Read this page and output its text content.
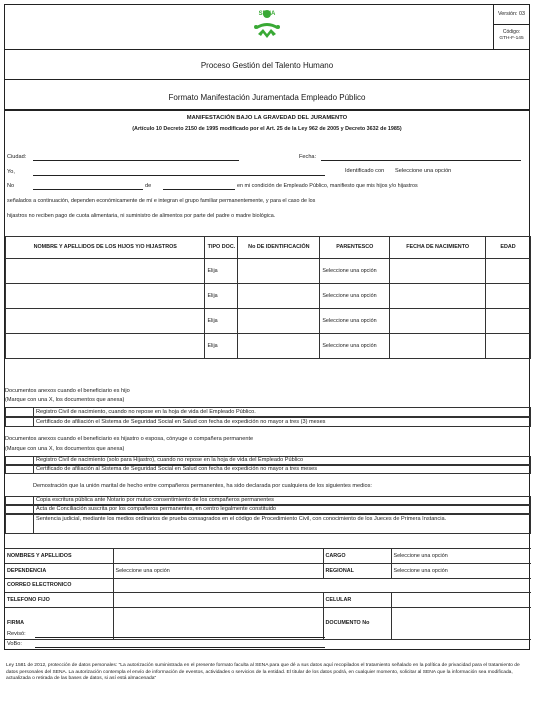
SENA	Versión: 03
Código:
GTH-F-145
Proceso Gestión del Talento Humano
Formato Manifestación Juramentada Empleado Público
MANIFESTACIÓN BAJO LA GRAVEDAD DEL JURAMENTO
(Artículo 10 Decreto 2150 de 1995 modificado por el Art. 25 de la Ley 962 de 2005 y Decreto 3632 de 1985)
Ciudad:	Fecha:
Yo,	Identificado con Seleccione una opción
No	de	en mi condición de Empleado Público, manifiesto que mis hijos y/o hijastros
señalados a continuación, dependen económicamente de mí e integran el grupo familiar permanentemente, y para el caso de los
hijastros no reciben pago de cuota alimentaria, ni suministro de alimentos por parte del padre o madre biológica.
NOMBRE Y APELLIDOS DE LOS HIJOS Y/O HIJASTROS	TIPO DOC.	No DE IDENTIFICACIÓN	PARENTESCO	FECHA DE NACIMIENTO	EDAD
	Elija		Seleccione una opción		
	Elija		Seleccione una opción		
	Elija		Seleccione una opción		
	Elija		Seleccione una opción		
Documentos anexos cuando el beneficiario es hijo
(Marque con una X, los documentos que anexa)
Registro Civil de nacimiento, cuando no repose en la hoja de vida del Empleado Público.
Certificado de afiliación el Sistema de Seguridad Social en Salud con fecha de expedición no mayor a tres (3) meses
Documentos anexos cuando el beneficiario es hijastro o esposa, cónyuge o compañera permanente
(Marque con una X, los documentos que anexa)
Registro Civil de nacimiento (solo para Hijastro), cuando no repose en la hoja de vida del Empleado Público
Certificado de afiliación al Sistema de Seguridad Social en Salud con fecha de expedición no mayor a tres meses
Demostración que la unión marital de hecho entre compañeros permanentes, ha sido declarada por cualquiera de los siguientes medios:
Copia escritura pública ante Notario por mutuo consentimiento de los compañeros permanentes
Acta de Conciliación suscrita por los compañeros permanentes, en centro legalmente constituido
Sentencia judicial, mediante los medios ordinarios de prueba consagrados en el código de Procedimiento Civil, con conocimiento de los Jueces de Primera Instancia.
NOMBRES Y APELLIDOS		CARGO	Seleccione una opción
DEPENDENCIA	Seleccione una opción	REGIONAL	Seleccione una opción
CORREO ELECTRONICO			
TELEFONO FIJO		CELULAR	
FIRMA		DOCUMENTO No	
Revisó:
VoBo:
Ley 1581 de 2012, protección de datos personales: "La autorización suministrada en el presente formato faculta al SENA para que dé a sus datos aquí recopilados el tratamiento señalado en la política de privacidad para el tratamiento de datos personales del SENA. La autorización contempla el envío de información de eventos, actividades o servicios de la entidad. El titular de los datos podrá, en cualquier momento, solicitar al SENA que la información sea modificada, actualizada o retirada de las bases de datos, si así está almacenada"
